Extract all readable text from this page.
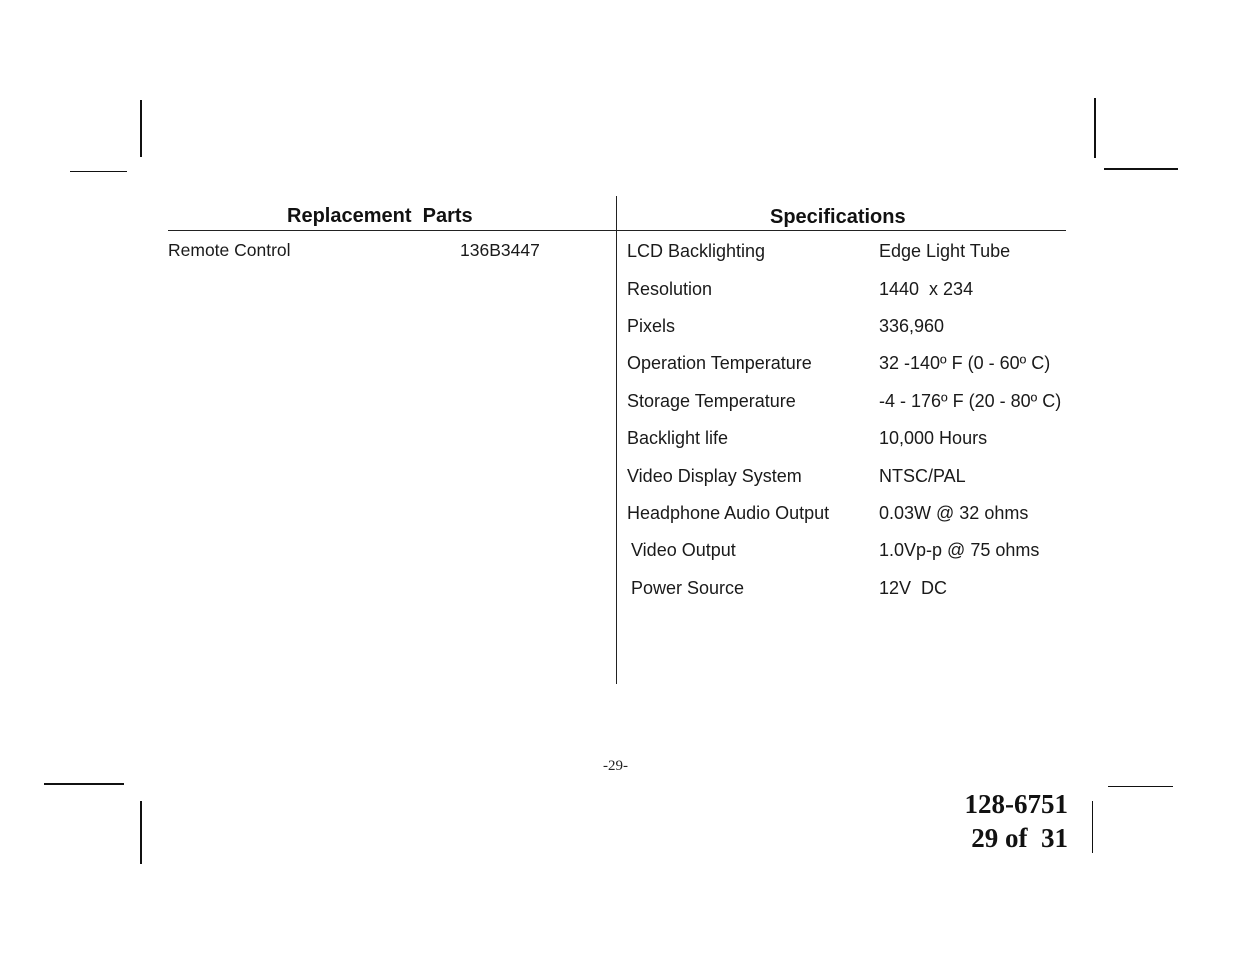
Replacement  Parts
Remote Control	136B3447
Specifications
LCD Backlighting	Edge Light Tube
Resolution	1440  x 234
Pixels	336,960
Operation Temperature	32 -140º F (0 - 60º C)
Storage Temperature	-4 - 176º F (20 - 80º C)
Backlight life	10,000 Hours
Video Display System	NTSC/PAL
Headphone Audio Output	0.03W @ 32 ohms
Video Output	1.0Vp-p @ 75 ohms
Power Source	12V  DC
-29-
128-6751
29 of  31
